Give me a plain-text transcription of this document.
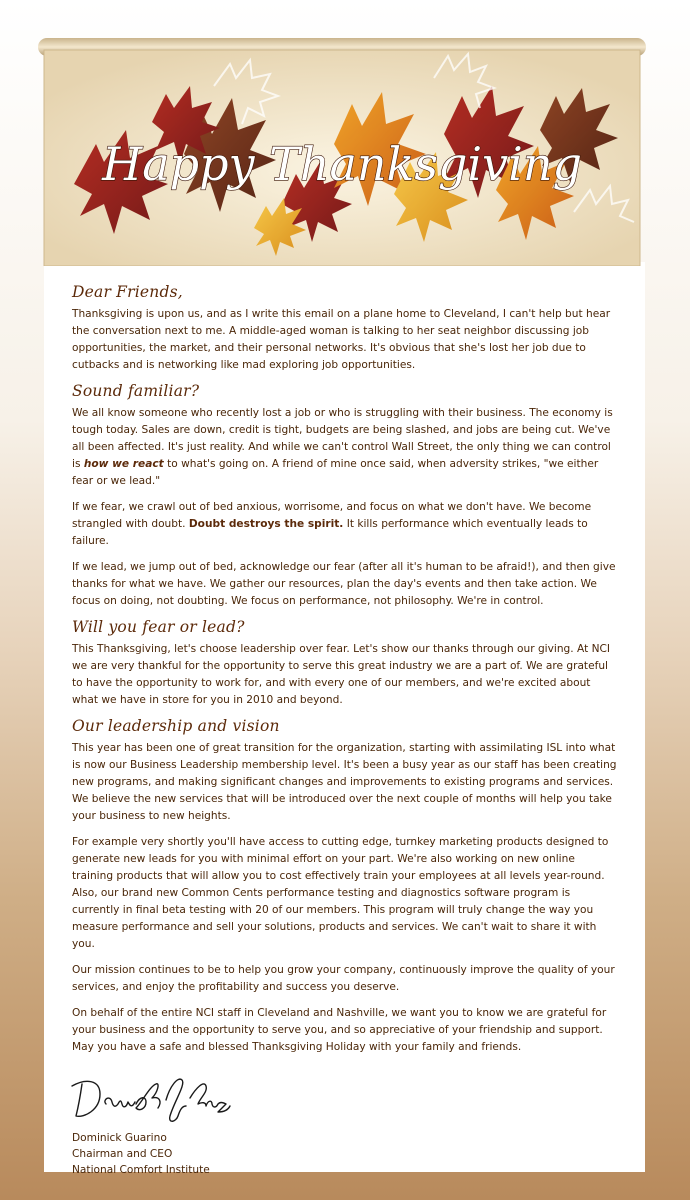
Happy Thanksgiving
Dear Friends,

Thanksgiving is upon us, and as I write this email on a plane home to Cleveland, I can't help but hear the conversation next to me. A middle-aged woman is talking to her seat neighbor discussing job opportunities, the market, and their personal networks. It's obvious that she's lost her job due to cutbacks and is networking like mad exploring job opportunities.

Sound familiar?

We all know someone who recently lost a job or who is struggling with their business. The economy is tough today. Sales are down, credit is tight, budgets are being slashed, and jobs are being cut. We've all been affected. It's just reality. And while we can't control Wall Street, the only thing we can control is how we react to what's going on. A friend of mine once said, when adversity strikes, "we either fear or we lead."

If we fear, we crawl out of bed anxious, worrisome, and focus on what we don't have. We become strangled with doubt. Doubt destroys the spirit. It kills performance which eventually leads to failure.

If we lead, we jump out of bed, acknowledge our fear (after all it's human to be afraid!), and then give thanks for what we have. We gather our resources, plan the day's events and then take action. We focus on doing, not doubting. We focus on performance, not philosophy. We're in control.

Will you fear or lead?

This Thanksgiving, let's choose leadership over fear. Let's show our thanks through our giving. At NCI we are very thankful for the opportunity to serve this great industry we are a part of. We are grateful to have the opportunity to work for, and with every one of our members, and we're excited about what we have in store for you in 2010 and beyond.

Our leadership and vision

This year has been one of great transition for the organization, starting with assimilating ISL into what is now our Business Leadership membership level. It's been a busy year as our staff has been creating new programs, and making significant changes and improvements to existing programs and services. We believe the new services that will be introduced over the next couple of months will help you take your business to new heights.

For example very shortly you'll have access to cutting edge, turnkey marketing products designed to generate new leads for you with minimal effort on your part. We're also working on new online training products that will allow you to cost effectively train your employees at all levels year-round. Also, our brand new Common Cents performance testing and diagnostics software program is currently in final beta testing with 20 of our members. This program will truly change the way you measure performance and sell your solutions, products and services. We can't wait to share it with you.

Our mission continues to be to help you grow your company, continuously improve the quality of your services, and enjoy the profitability and success you deserve.

On behalf of the entire NCI staff in Cleveland and Nashville, we want you to know we are grateful for your business and the opportunity to serve you, and so appreciative of your friendship and support. May you have a safe and blessed Thanksgiving Holiday with your family and friends.

Dominick Guarino
Chairman and CEO
National Comfort Institute
